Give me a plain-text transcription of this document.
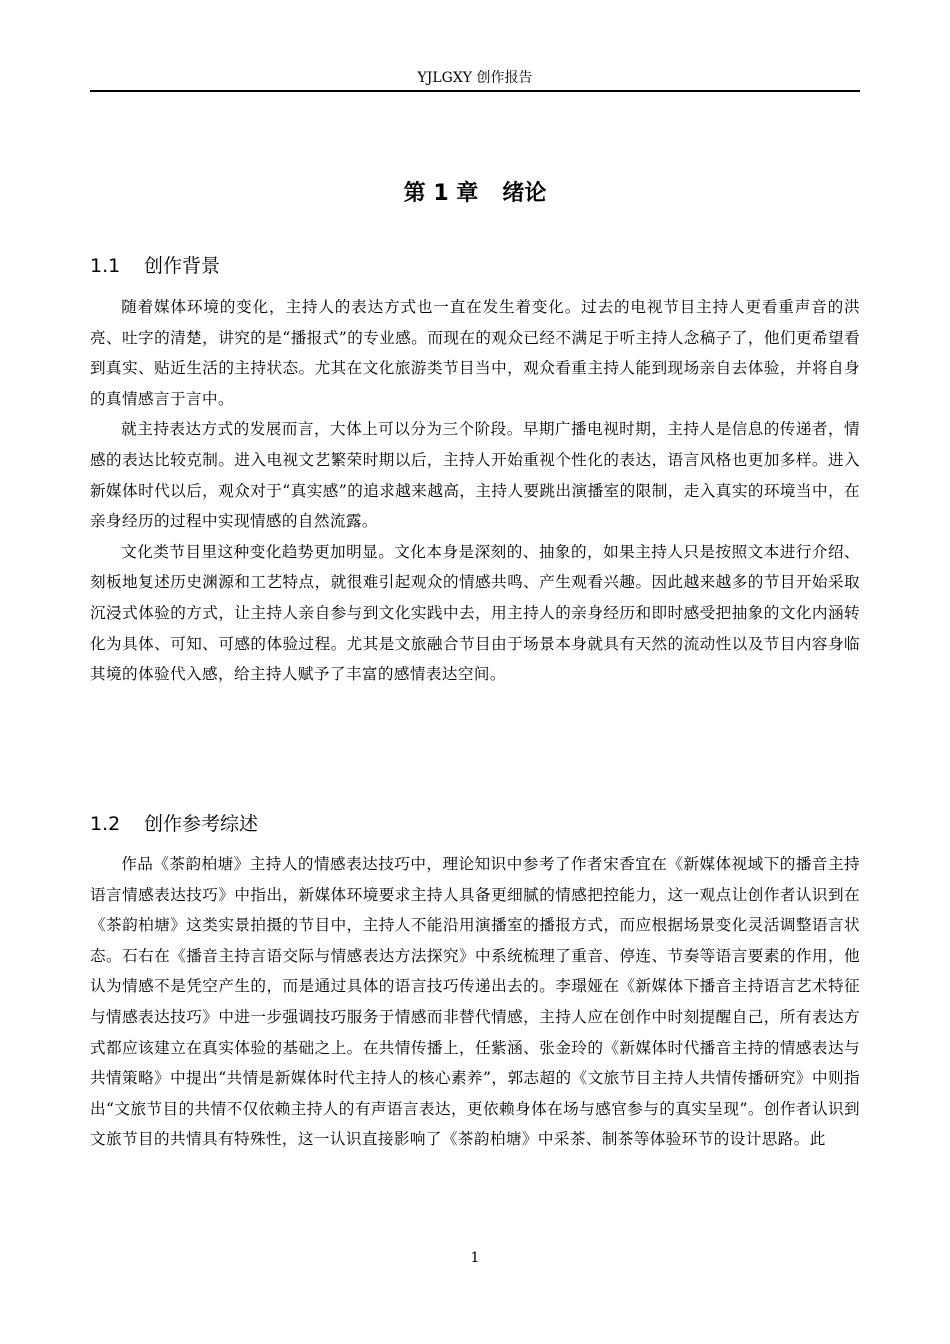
YJLGXY 创作报告
第 1 章 绪论
1.1 创作背景

随着媒体环境的变化，主持人的表达方式也一直在发生着变化。过去的电视节目主持人更看重声音的洪亮、吐字的清楚，讲究的是“播报式”的专业感。而现在的观众已经不满足于听主持人念稿子了，他们更希望看到真实、贴近生活的主持状态。尤其在文化旅游类节目当中，观众看重主持人能到现场亲自去体验，并将自身的真情感言于言中。

就主持表达方式的发展而言，大体上可以分为三个阶段。早期广播电视时期，主持人是信息的传递者，情感的表达比较克制。进入电视文艺繁荣时期以后，主持人开始重视个性化的表达，语言风格也更加多样。进入新媒体时代以后，观众对于“真实感”的追求越来越高，主持人要跳出演播室的限制，走入真实的环境当中，在亲身经历的过程中实现情感的自然流露。

文化类节目里这种变化趋势更加明显。文化本身是深刻的、抽象的，如果主持人只是按照文本进行介绍、刻板地复述历史渊源和工艺特点，就很难引起观众的情感共鸣、产生观看兴趣。因此越来越多的节目开始采取沉浸式体验的方式，让主持人亲自参与到文化实践中去，用主持人的亲身经历和即时感受把抽象的文化内涵转化为具体、可知、可感的体验过程。尤其是文旅融合节目由于场景本身就具有天然的流动性以及节目内容身临其境的体验代入感，给主持人赋予了丰富的感情表达空间。

1.2 创作参考综述

作品《茶韵柏塘》主持人的情感表达技巧中，理论知识中参考了作者宋香宜在《新媒体视域下的播音主持语言情感表达技巧》中指出，新媒体环境要求主持人具备更细腻的情感把控能力，这一观点让创作者认识到在《茶韵柏塘》这类实景拍摄的节目中，主持人不能沿用演播室的播报方式，而应根据场景变化灵活调整语言状态。石右在《播音主持言语交际与情感表达方法探究》中系统梳理了重音、停连、节奏等语言要素的作用，他认为情感不是凭空产生的，而是通过具体的语言技巧传递出去的。李璟娅在《新媒体下播音主持语言艺术特征与情感表达技巧》中进一步强调技巧服务于情感而非替代情感，主持人应在创作中时刻提醒自己，所有表达方式都应该建立在真实体验的基础之上。在共情传播上，任紫涵、张金玲的《新媒体时代播音主持的情感表达与共情策略》中提出“共情是新媒体时代主持人的核心素养”，郭志超的《文旅节目主持人共情传播研究》中则指出“文旅节目的共情不仅依赖主持人的有声语言表达，更依赖身体在场与感官参与的真实呈现”。创作者认识到文旅节目的共情具有特殊性，这一认识直接影响了《茶韵柏塘》中采茶、制茶等体验环节的设计思路。此

1
